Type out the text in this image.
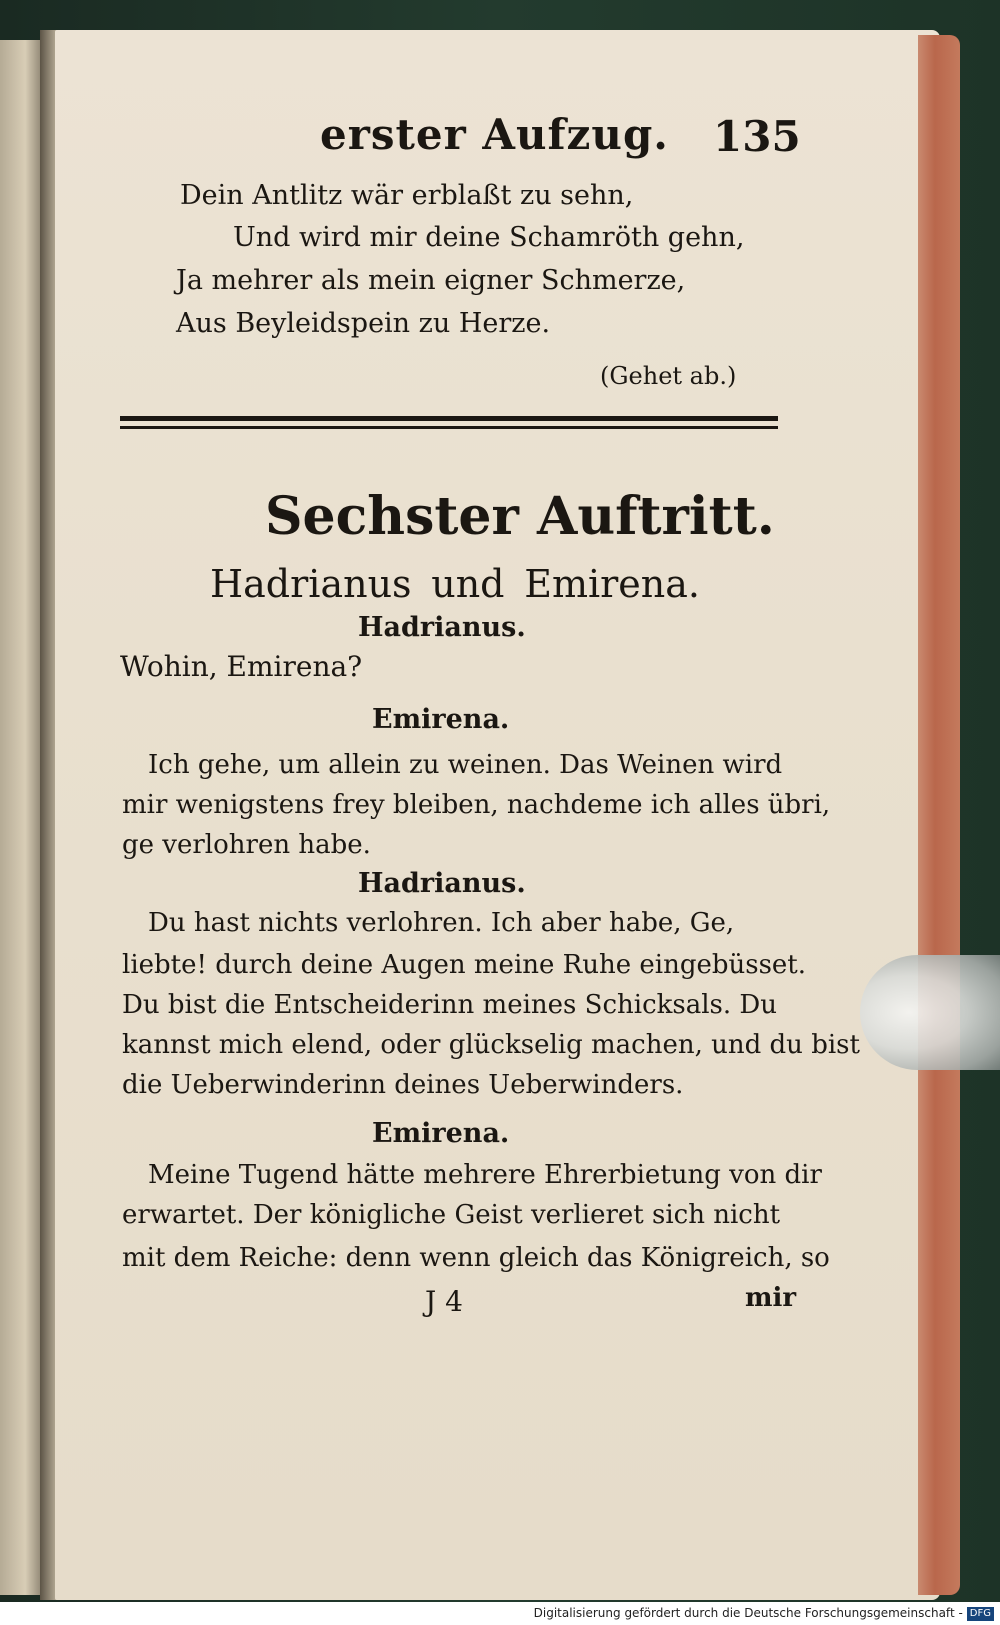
erster Aufzug. 135
Dein Antlitz wär erblaßt zu sehn,
Und wird mir deine Schamröth gehn,
Ja mehrer als mein eigner Schmerze,
Aus Beyleidspein zu Herze.
(Gehet ab.)
Sechster Auftritt.
Hadrianus und Emirena.
Hadrianus.
Wohin, Emirena?
Emirena.
Ich gehe, um allein zu weinen. Das Weinen wird
mir wenigstens frey bleiben, nachdeme ich alles übri,
ge verlohren habe.
Hadrianus.
Du hast nichts verlohren. Ich aber habe, Ge,
liebte! durch deine Augen meine Ruhe eingebüsset.
Du bist die Entscheiderinn meines Schicksals. Du
kannst mich elend, oder glückselig machen, und du bist
die Ueberwinderinn deines Ueberwinders.
Emirena.
Meine Tugend hätte mehrere Ehrerbietung von dir
erwartet. Der königliche Geist verlieret sich nicht
mit dem Reiche: denn wenn gleich das Königreich, so
J 4	mir
Digitalisierung gefördert durch die Deutsche Forschungsgemeinschaft - DFG
